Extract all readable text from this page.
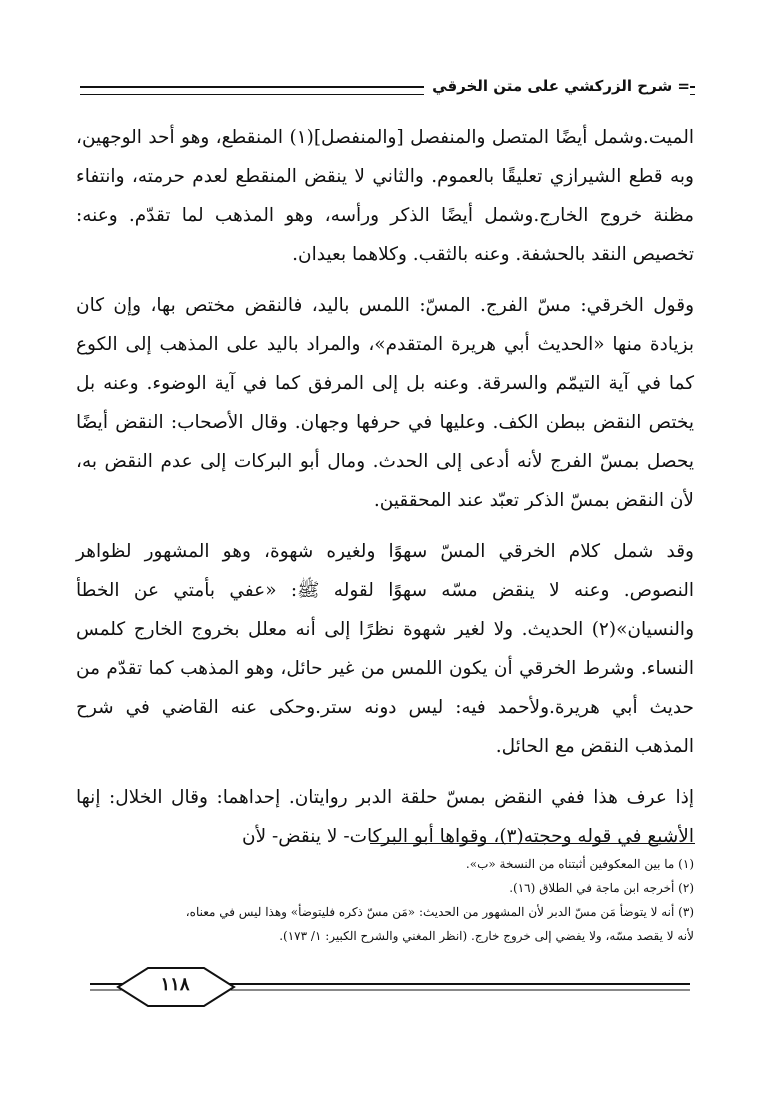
= شرح الزركشي على متن الخرقي

الميت.وشمل أيضًا المتصل والمنفصل [والمنفصل](١) المنقطع، وهو أحد الوجهين، وبه قطع الشيرازي تعليقًا بالعموم. والثاني لا ينقض المنقطع لعدم حرمته، وانتفاء مظنة خروج الخارج.وشمل أيضًا الذكر ورأسه، وهو المذهب لما تقدّم. وعنه: تخصيص النقد بالحشفة. وعنه بالثقب. وكلاهما بعيدان.

وقول الخرقي: مسّ الفرج. المسّ: اللمس باليد، فالنقض مختص بها، وإن كان بزيادة منها «الحديث أبي هريرة المتقدم»، والمراد باليد على المذهب إلى الكوع كما في آية التيمّم والسرقة. وعنه بل إلى المرفق كما في آية الوضوء. وعنه بل يختص النقض ببطن الكف. وعليها في حرفها وجهان. وقال الأصحاب: النقض أيضًا يحصل بمسّ الفرج لأنه أدعى إلى الحدث. ومال أبو البركات إلى عدم النقض به، لأن النقض بمسّ الذكر تعبّد عند المحققين.

وقد شمل كلام الخرقي المسّ سهوًا ولغيره شهوة، وهو المشهور لظواهر النصوص. وعنه لا ينقض مسّه سهوًا لقوله ﷺ: «عفي بأمتي عن الخطأ والنسيان»(٢) الحديث. ولا لغير شهوة نظرًا إلى أنه معلل بخروج الخارج كلمس النساء. وشرط الخرقي أن يكون اللمس من غير حائل، وهو المذهب كما تقدّم من حديث أبي هريرة.ولأحمد فيه: ليس دونه ستر.وحكى عنه القاضي في شرح المذهب النقض مع الحائل.

إذا عرف هذا ففي النقض بمسّ حلقة الدبر روايتان. إحداهما: وقال الخلال: إنها الأشبع في قوله وحجته(٣)، وقواها أبو البركات- لا ينقض- لأن

(١) ما بين المعكوفين أثبتناه من النسخة «ب».
(٢) أخرجه ابن ماجة في الطلاق (١٦).
(٣) أنه لا يتوضأ مَن مسّ الدبر لأن المشهور من الحديث: «مَن مسّ ذكره فليتوضأ» وهذا ليس في معناه،
لأنه لا يقصد مسّه، ولا يفضي إلى خروج خارج. (انظر المغني والشرح الكبير: ١/ ١٧٣).
١١٨
